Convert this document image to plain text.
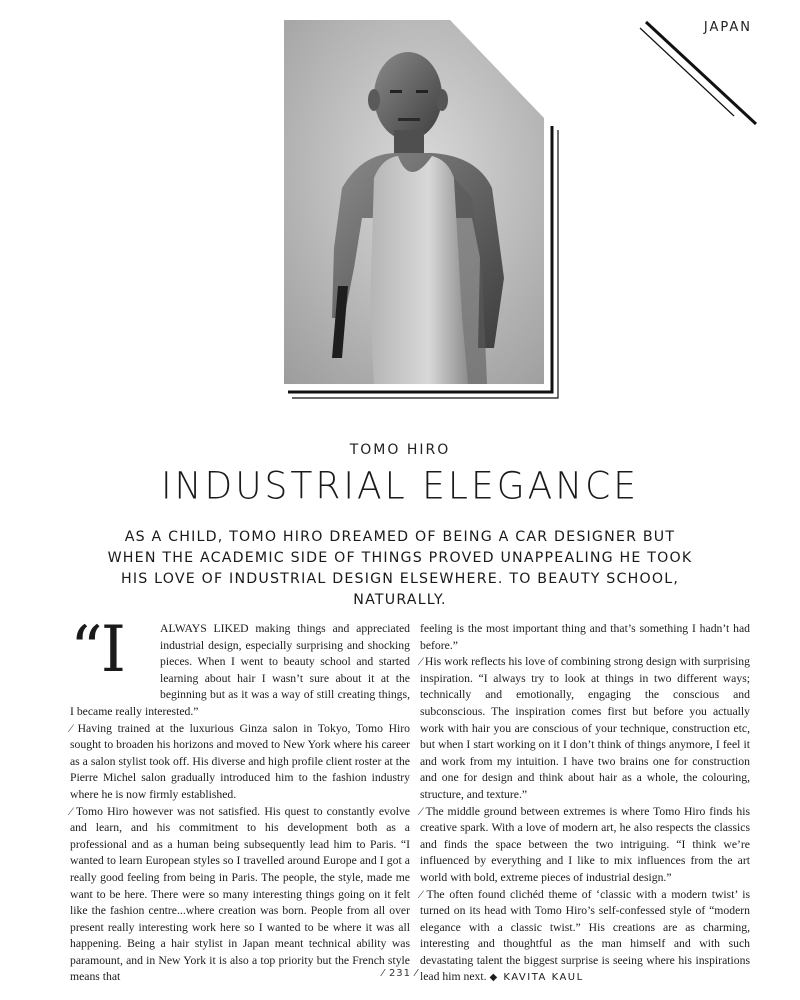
JAPAN
TOMO HIRO
INDUSTRIAL ELEGANCE
AS A CHILD, TOMO HIRO DREAMED OF BEING A CAR DESIGNER BUT WHEN THE ACADEMIC SIDE OF THINGS PROVED UNAPPEALING HE TOOK HIS LOVE OF INDUSTRIAL DESIGN ELSEWHERE. TO BEAUTY SCHOOL, NATURALLY.
“I	ALWAYS LIKED making things and appreciated industrial design, especially surprising and shocking pieces. When I went to beauty school and started learning about hair I wasn’t sure about it at the beginning but as it was a way of still creating things, I became really interested.”

⁄ Having trained at the luxurious Ginza salon in Tokyo, Tomo Hiro sought to broaden his horizons and moved to New York where his career as a salon stylist took off. His diverse and high profile client roster at the Pierre Michel salon gradually introduced him to the fashion industry where he is now firmly established.

⁄ Tomo Hiro however was not satisfied. His quest to constantly evolve and learn, and his commitment to his development both as a professional and as a human being subsequently lead him to Paris. “I wanted to learn European styles so I travelled around Europe and I got a really good feeling from being in Paris. The people, the style, made me want to be here. There were so many interesting things going on it felt like the fashion centre...where creation was born. People from all over present really interesting work here so I wanted to be where it was all happening. Being a hair stylist in Japan meant technical ability was paramount, and in New York it is also a top priority but the French style means that

feeling is the most important thing and that’s something I hadn’t had before.”

⁄ His work reflects his love of combining strong design with surprising inspiration. “I always try to look at things in two different ways; technically and emotionally, engaging the conscious and subconscious. The inspiration comes first but before you actually work with hair you are conscious of your technique, construction etc, but when I start working on it I don’t think of things anymore, I feel it and work from my intuition. I have two brains one for construction and one for design and think about hair as a whole, the colouring, structure, and texture.”

⁄ The middle ground between extremes is where Tomo Hiro finds his creative spark. With a love of modern art, he also respects the classics and finds the space between the two intriguing. “I think we’re influenced by everything and I like to mix influences from the art world with bold, extreme pieces of industrial design.”

⁄ The often found clichéd theme of ‘classic with a modern twist’ is turned on its head with Tomo Hiro’s self-confessed style of “modern elegance with a classic twist.” His creations are as charming, interesting and thoughtful as the man himself and with such devastating talent the biggest surprise is seeing where his inspirations lead him next. ◆ KAVITA KAUL

⁄ 231 ⁄
